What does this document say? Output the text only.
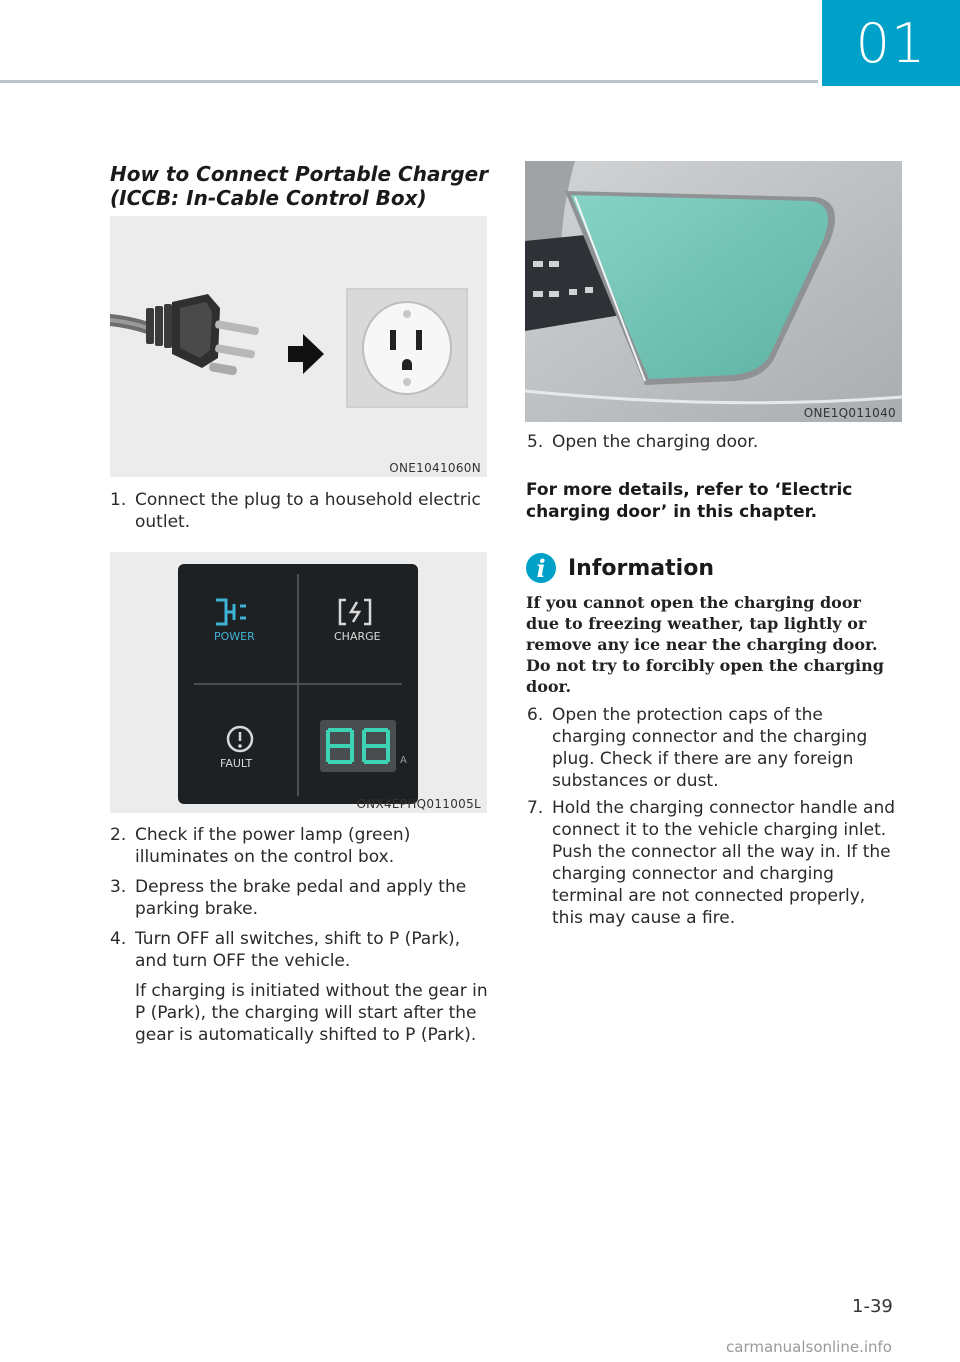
01
How to Connect Portable Charger (ICCB: In-Cable Control Box)
ONE1041060N
1. Connect the plug to a household electric outlet.
POWER	CHARGE
FAULT	A
ONX4EPHQ011005L
2. Check if the power lamp (green) illuminates on the control box.
3. Depress the brake pedal and apply the parking brake.
4. Turn OFF all switches, shift to P (Park), and turn OFF the vehicle.
If charging is initiated without the gear in P (Park), the charging will start after the gear is automatically shifted to P (Park).
ONE1Q011040
5. Open the charging door.
For more details, refer to ‘Electric charging door’ in this chapter.
i	Information
If you cannot open the charging door due to freezing weather, tap lightly or remove any ice near the charging door. Do not try to forcibly open the charging door.
6. Open the protection caps of the charging connector and the charging plug. Check if there are any foreign substances or dust.
7. Hold the charging connector handle and connect it to the vehicle charging inlet. Push the connector all the way in. If the charging connector and charging terminal are not connected properly, this may cause a fire.
1-39
carmanualsonline.info
